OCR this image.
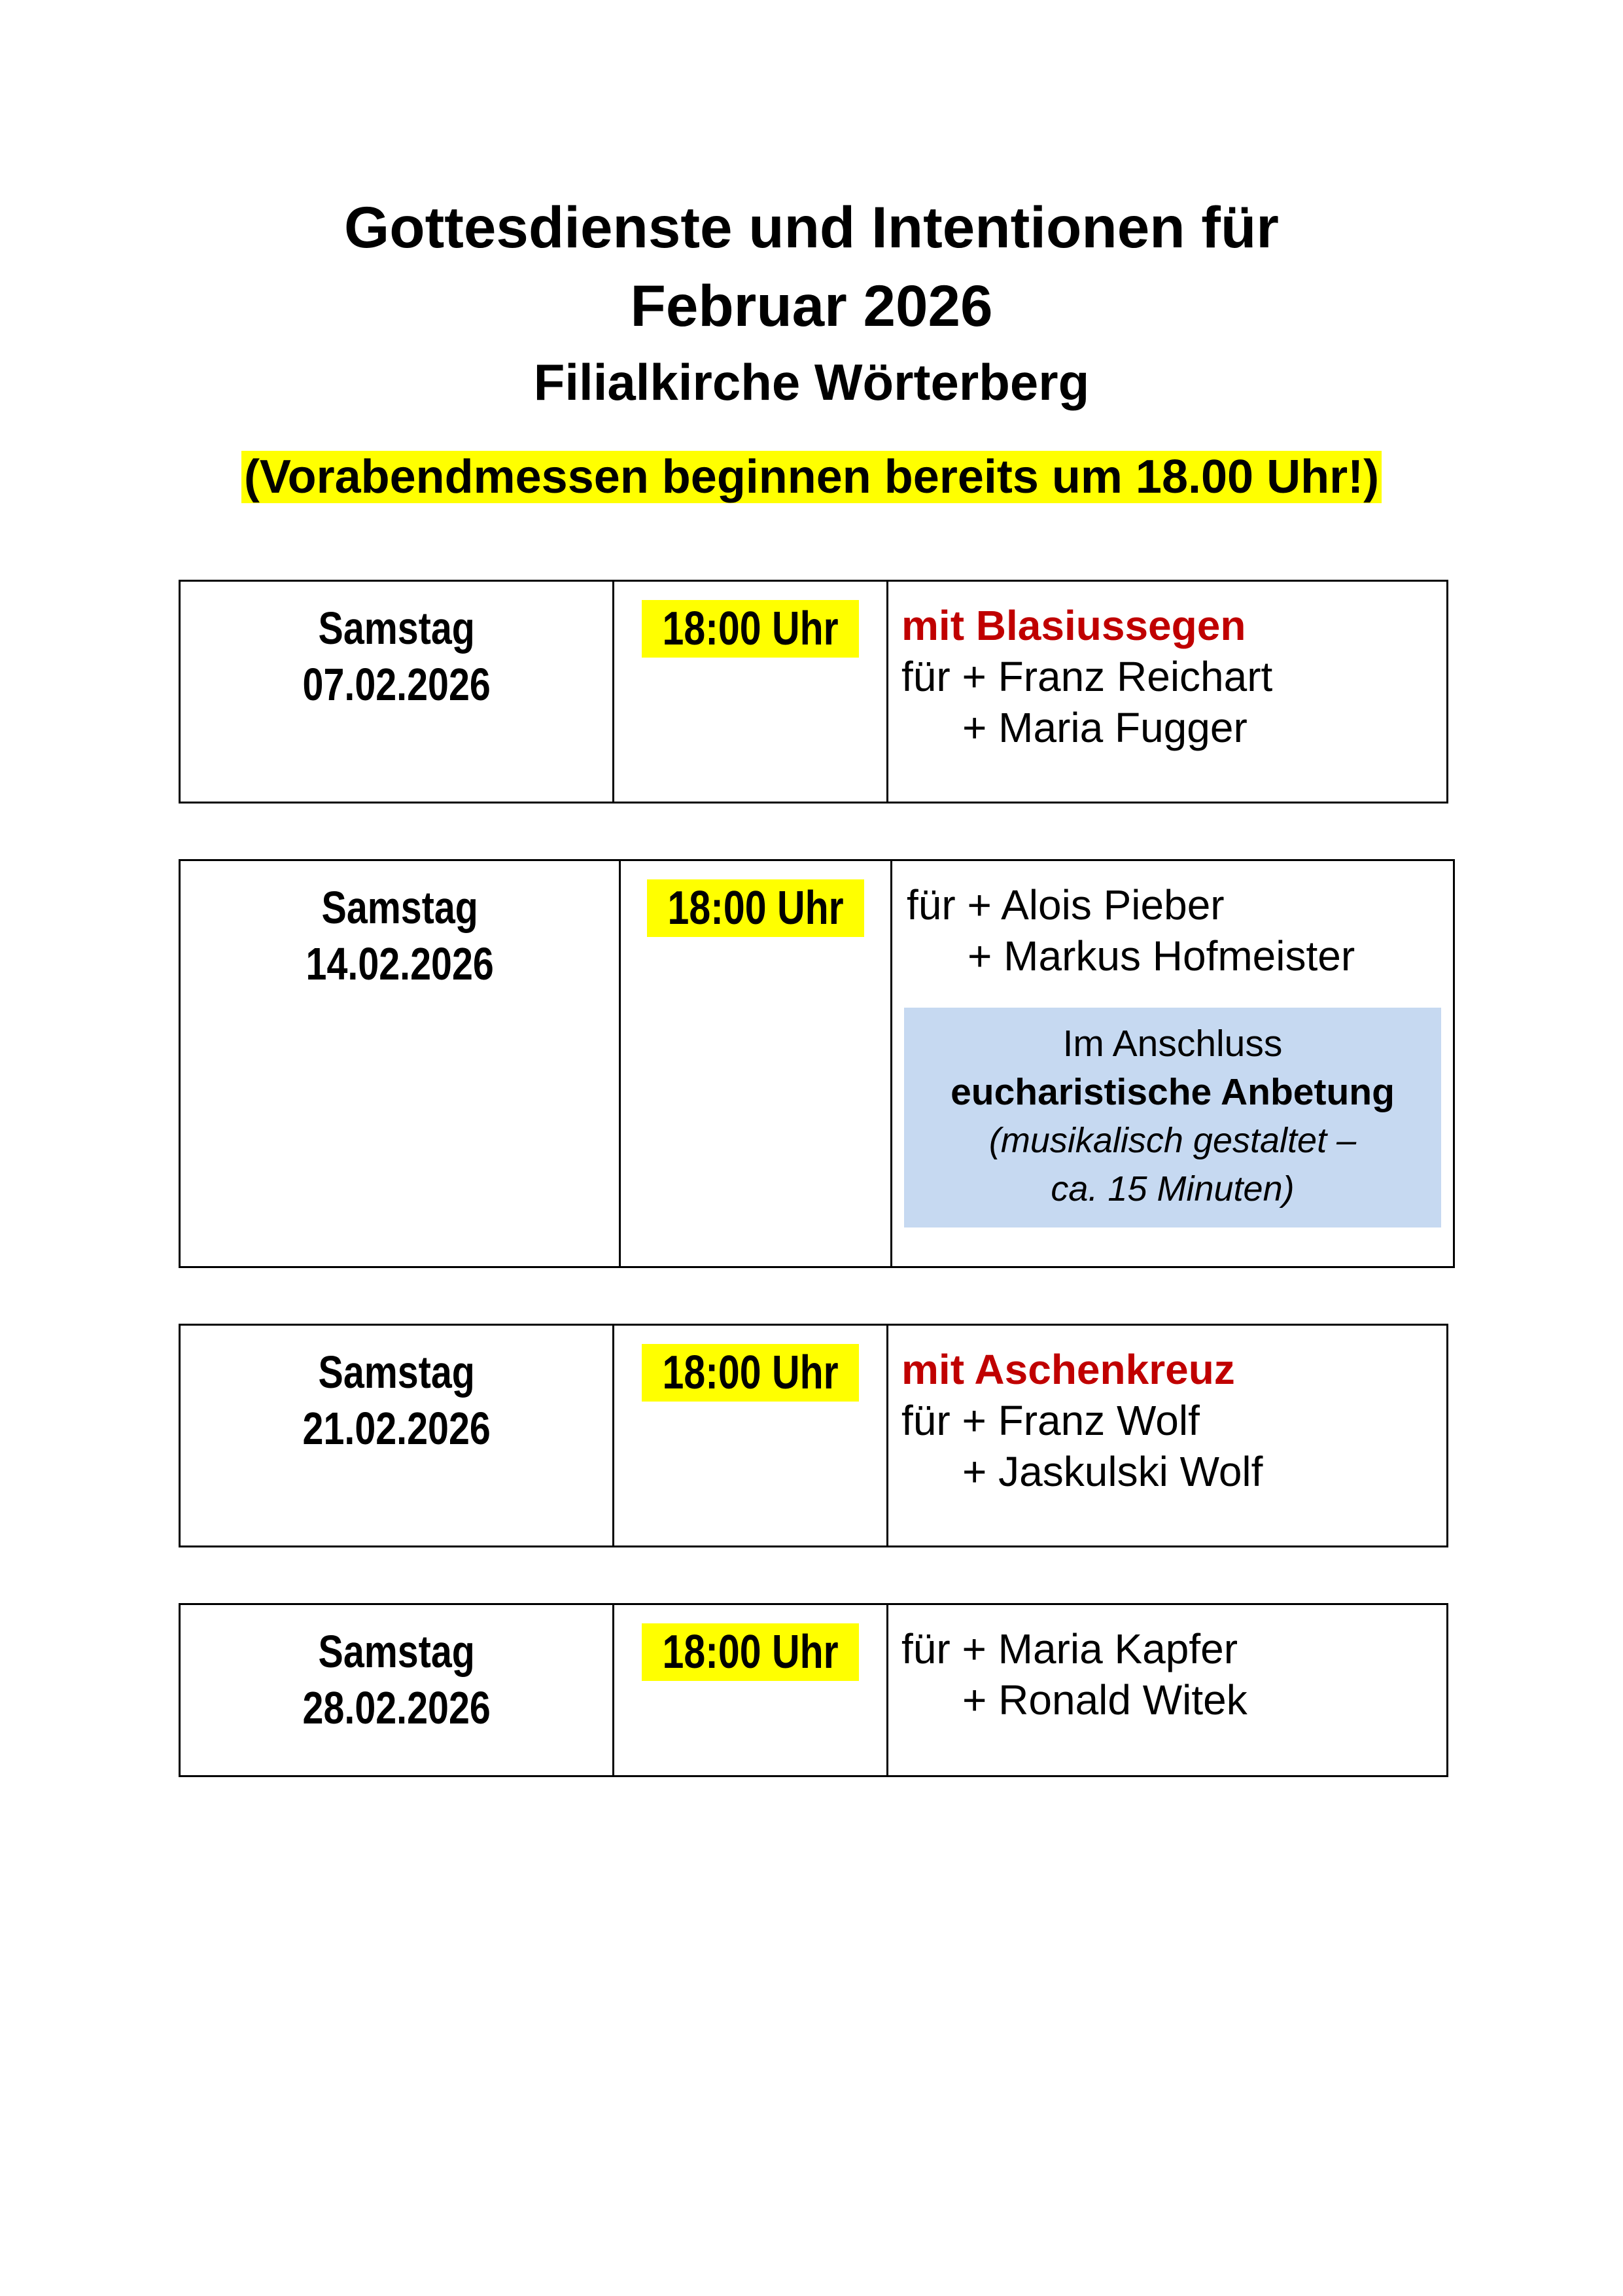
Gottesdienste und Intentionen für
Februar 2026
Filialkirche Wörterberg

(Vorabendmessen beginnen bereits um 18.00 Uhr!)

Samstag
07.02.2026
	18:00 Uhr	mit Blasiussegen
für + Franz Reichart
+ Maria Fugger
Samstag
14.02.2026
	18:00 Uhr	für + Alois Pieber
+ Markus Hofmeister
Im Anschluss
eucharistische Anbetung
(musikalisch gestaltet –
ca. 15 Minuten)
Samstag
21.02.2026
	18:00 Uhr	mit Aschenkreuz
für + Franz Wolf
+ Jaskulski Wolf
Samstag
28.02.2026
	18:00 Uhr	für + Maria Kapfer
+ Ronald Witek
